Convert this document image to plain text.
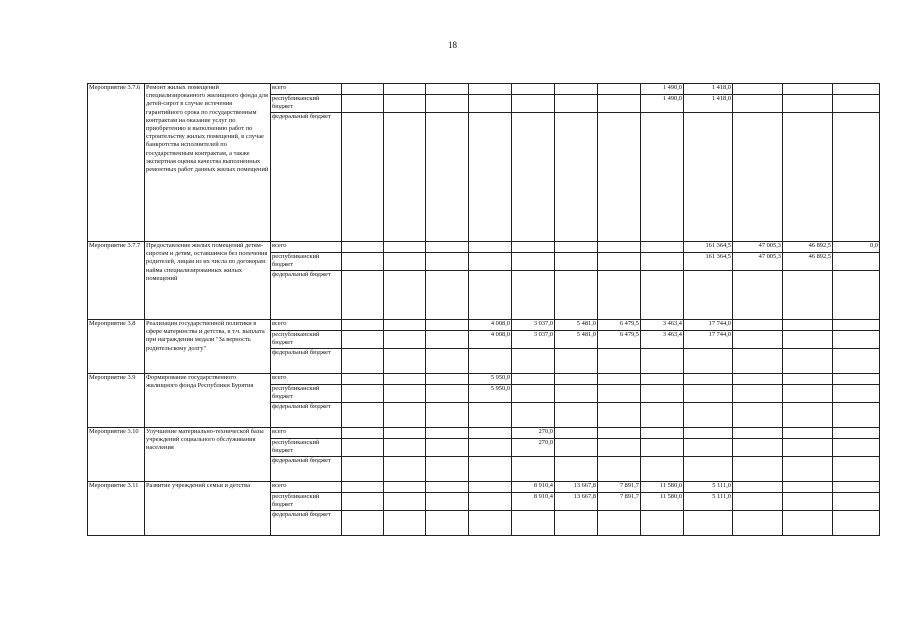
18
Мероприятие 3.7.6	Ремонт жилых помещений специализированного жилищного фонда для детей-сирот в случае истечения гарантийного срока по государственным контрактам на оказание услуг по приобретению и выполнению работ по строительству жилых помещений, в случае банкротства исполнителей по государственным контрактам, а также экспертная оценка качества выполненных ремонтных работ данных жилых помещений	всего								1 490,0	1 418,0			
		республиканский бюджет								1 490,0	1 418,0			
		федеральный бюджет												
Мероприятие 3.7.7	Предоставление жилых помещений детям-сиротам и детям, оставшимся без попечения родителей, лицам из их числа по договорам найма специализированных жилых помещений	всего									161 364,5	47 005,3	46 892,5	0,0
		республиканский бюджет									161 364,5	47 005,3	46 892,5	
		федеральный бюджет												
Мероприятие 3.8	Реализация государственной политики в сфере материнства и детства, в т.ч. выплата при награждении медали "За верность родительскому долгу"	всего				4 008,0	3 037,0	5 481,0	6 479,5	3 463,4	17 744,0			
		республиканский бюджет				4 008,0	3 037,0	5 481,0	6 479,5	3 463,4	17 744,0			
		федеральный бюджет												
Мероприятие 3.9	Формирование государственного жилищного фонда Республики Бурятия	всего				5 950,0								
		республиканский бюджет				5 950,0								
		федеральный бюджет												
Мероприятие 3.10	Улучшение материально-технической базы учреждений социального обслуживания населения	всего					270,0							
		республиканский бюджет					270,0							
		федеральный бюджет												
Мероприятие 3.11	Развитие учреждений семьи и детства	всего					8 910,4	13 667,8	7 891,7	11 580,0	5 111,0			
		республиканский бюджет					8 910,4	13 667,8	7 891,7	11 580,0	5 111,0			
		федеральный бюджет												
